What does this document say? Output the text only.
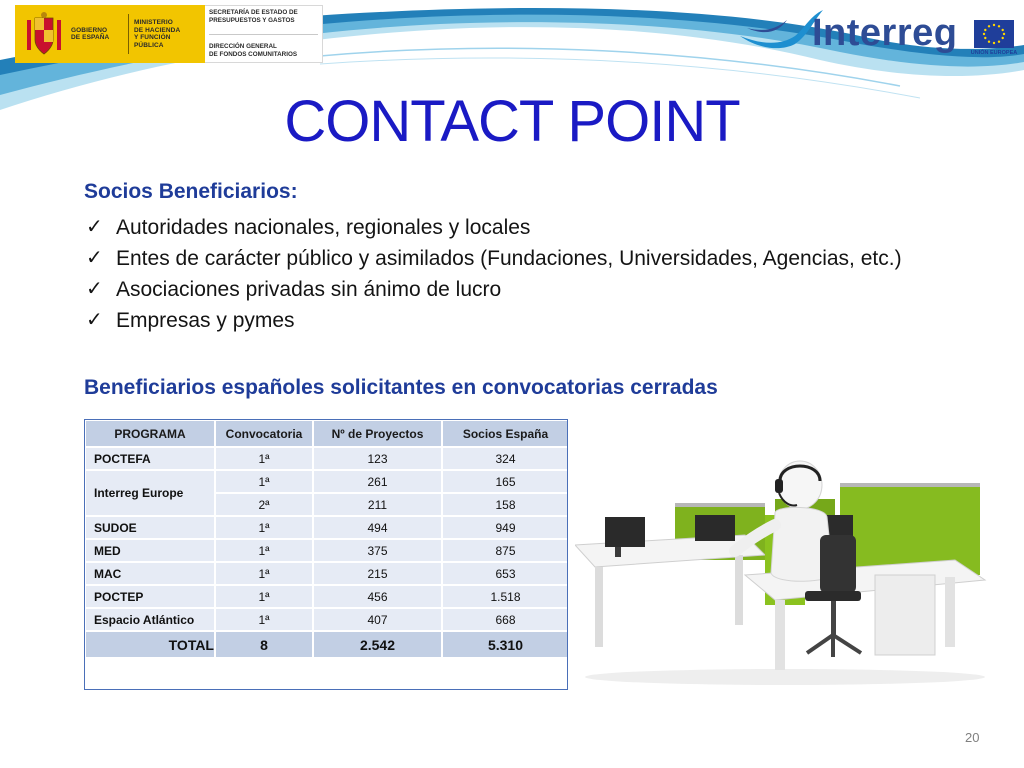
GOBIERNO
DE ESPAÑA
MINISTERIO
DE HACIENDA
Y FUNCIÓN PÚBLICA
SECRETARÍA DE ESTADO DE
PRESUPUESTOS Y GASTOS
DIRECCIÓN GENERAL
DE FONDOS COMUNITARIOS
Interreg UNIÓN EUROPEA
CONTACT POINT
Socios Beneficiarios:
✓ Autoridades nacionales, regionales y locales
✓ Entes de carácter público y asimilados (Fundaciones, Universidades, Agencias, etc.)
✓ Asociaciones privadas sin ánimo de lucro
✓ Empresas y pymes
Beneficiarios españoles solicitantes en convocatorias cerradas
PROGRAMA	Convocatoria	Nº de Proyectos	Socios España
POCTEFA	1ª	123	324
Interreg Europe	1ª	261	165
	2ª	211	158
SUDOE	1ª	494	949
MED	1ª	375	875
MAC	1ª	215	653
POCTEP	1ª	456	1.518
Espacio Atlántico	1ª	407	668
TOTAL	8	2.542	5.310
20
